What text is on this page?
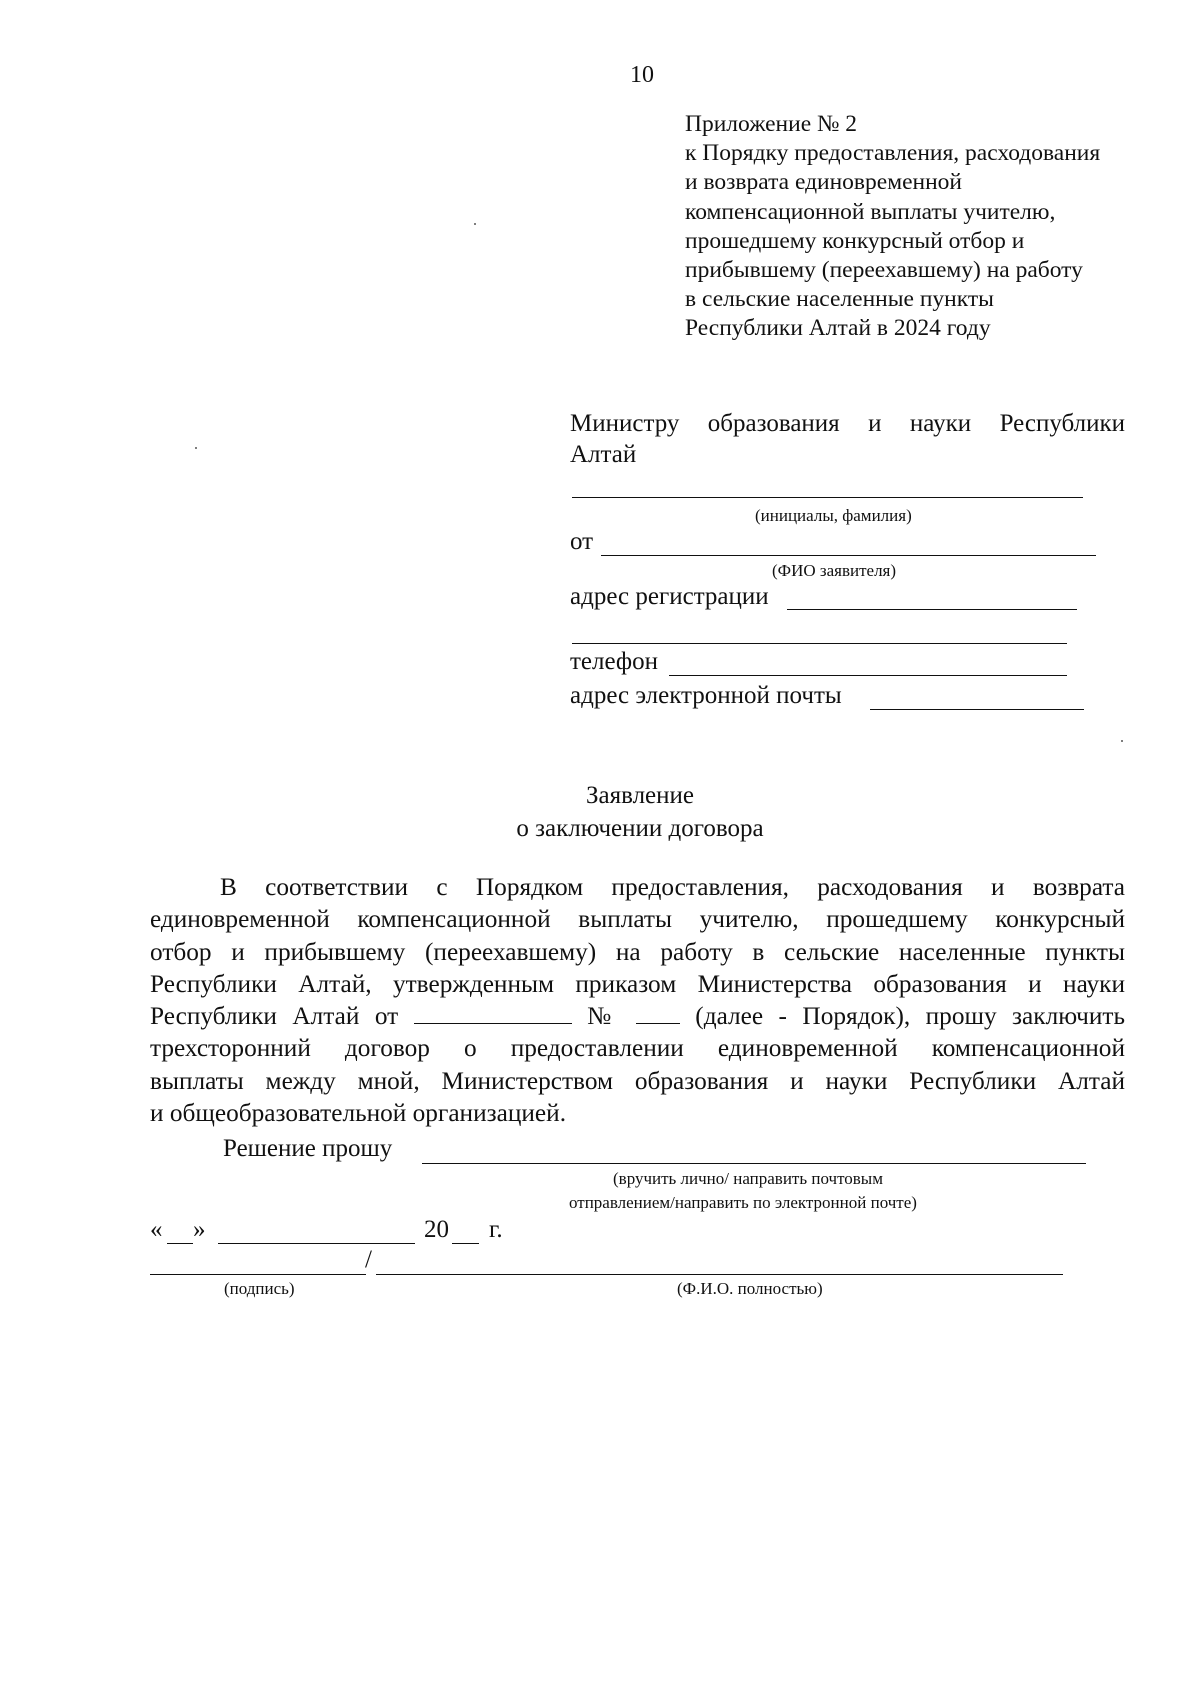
10
Приложение № 2
к Порядку предоставления, расходования
и возврата единовременной
компенсационной выплаты учителю,
прошедшему конкурсный отбор и
прибывшему (переехавшему) на работу
в сельские населенные пункты
Республики Алтай в 2024 году
Министру образования и науки Республики
Алтай
(инициалы, фамилия)
от
(ФИО заявителя)
адрес регистрации
телефон
адрес электронной почты
Заявление
о заключении договора
В соответствии с Порядком предоставления, расходования и возврата
единовременной компенсационной выплаты учителю, прошедшему конкурсный
отбор и прибывшему (переехавшему) на работу в сельские населенные пункты
Республики Алтай, утвержденным приказом Министерства образования и науки
Республики Алтай от	№	(далее - Порядок), прошу заключить
трехсторонний договор о предоставлении единовременной компенсационной
выплаты между мной, Министерством образования и науки Республики Алтай
и общеобразовательной организацией.
Решение прошу
(вручить лично/ направить почтовым
отправлением/направить по электронной почте)
« »	20 г.
/
(подпись)	(Ф.И.О. полностью)
